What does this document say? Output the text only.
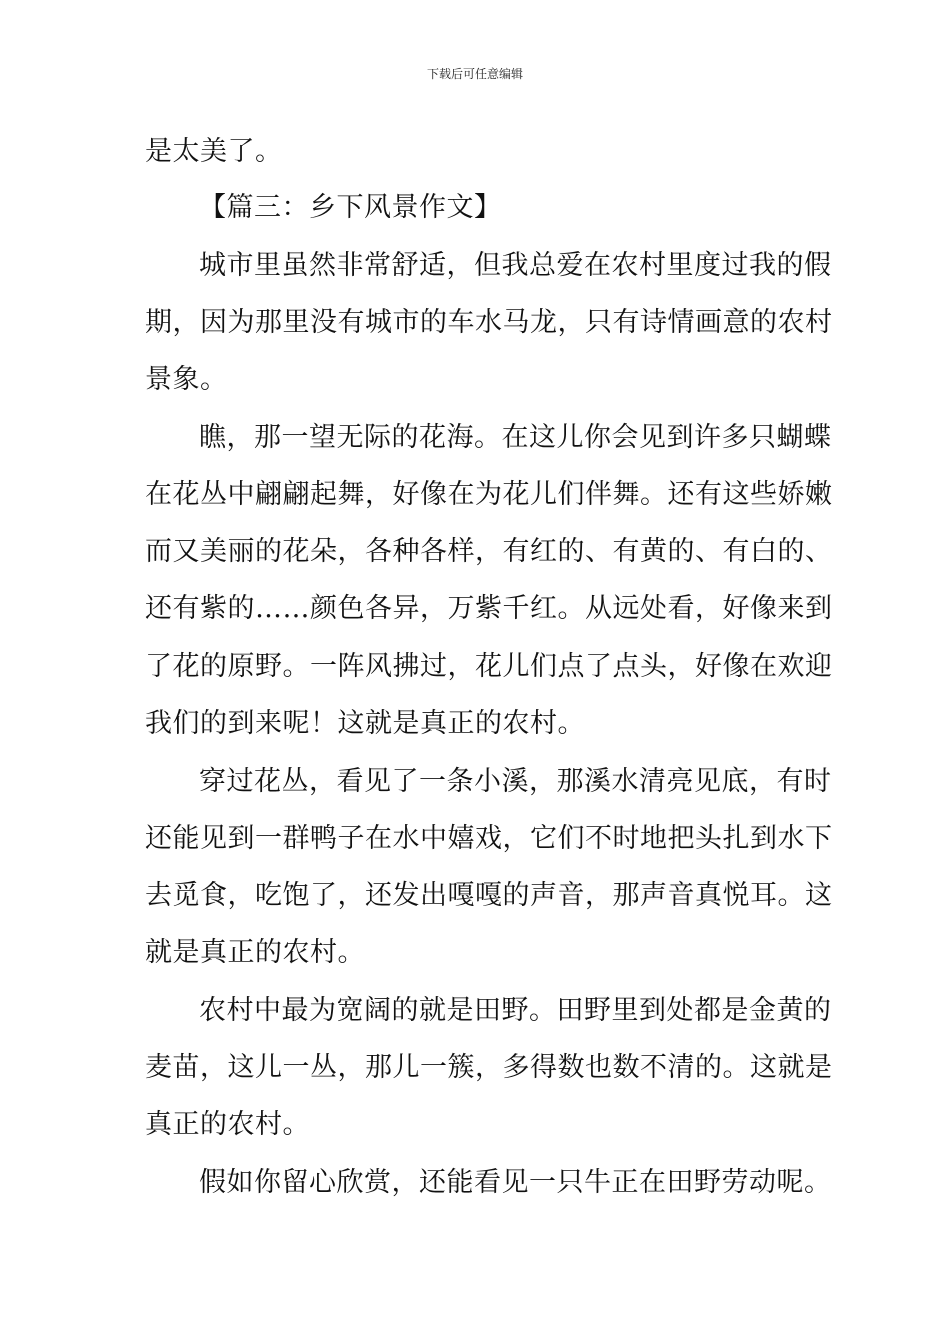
下载后可任意编辑
是太美了。
【篇三：乡下风景作文】
城市里虽然非常舒适，但我总爱在农村里度过我的假
期，因为那里没有城市的车水马龙，只有诗情画意的农村
景象。
瞧，那一望无际的花海。在这儿你会见到许多只蝴蝶
在花丛中翩翩起舞，好像在为花儿们伴舞。还有这些娇嫩
而又美丽的花朵，各种各样，有红的、有黄的、有白的、
还有紫的……颜色各异，万紫千红。从远处看，好像来到
了花的原野。一阵风拂过，花儿们点了点头，好像在欢迎
我们的到来呢！这就是真正的农村。
穿过花丛，看见了一条小溪，那溪水清亮见底，有时
还能见到一群鸭子在水中嬉戏，它们不时地把头扎到水下
去觅食，吃饱了，还发出嘎嘎的声音，那声音真悦耳。这
就是真正的农村。
农村中最为宽阔的就是田野。田野里到处都是金黄的
麦苗，这儿一丛，那儿一簇，多得数也数不清的。这就是
真正的农村。
假如你留心欣赏，还能看见一只牛正在田野劳动呢。
